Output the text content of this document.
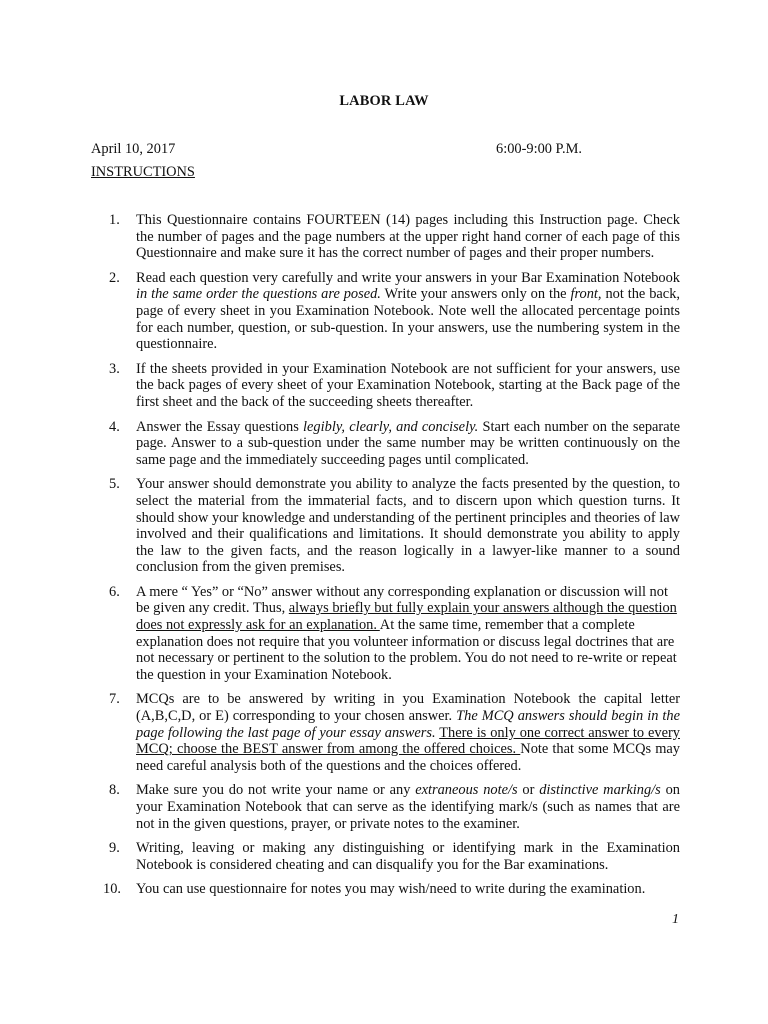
LABOR LAW
April 10, 2017	6:00-9:00 P.M.
INSTRUCTIONS
1.	This Questionnaire contains FOURTEEN (14) pages including this Instruction page. Check the number of pages and the page numbers at the upper right hand corner of each page of this Questionnaire and make sure it has the correct number of pages and their proper numbers.
2.	Read each question very carefully and write your answers in your Bar Examination Notebook in the same order the questions are posed. Write your answers only on the front, not the back, page of every sheet in you Examination Notebook. Note well the allocated percentage points for each number, question, or sub-question. In your answers, use the numbering system in the questionnaire.
3.	If the sheets provided in your Examination Notebook are not sufficient for your answers, use the back pages of every sheet of your Examination Notebook, starting at the Back page of the first sheet and the back of the succeeding sheets thereafter.
4.	Answer the Essay questions legibly, clearly, and concisely. Start each number on the separate page. Answer to a sub-question under the same number may be written continuously on the same page and the immediately succeeding pages until complicated.
5.	Your answer should demonstrate you ability to analyze the facts presented by the question, to select the material from the immaterial facts, and to discern upon which question turns. It should show your knowledge and understanding of the pertinent principles and theories of law involved and their qualifications and limitations. It should demonstrate you ability to apply the law to the given facts, and the reason logically in a lawyer-like manner to a sound conclusion from the given premises.
6.	A mere “ Yes” or “No” answer without any corresponding explanation or discussion will not be given any credit. Thus, always briefly but fully explain your answers although the question does not expressly ask for an explanation. At the same time, remember that a complete explanation does not require that you volunteer information or discuss legal doctrines that are not necessary or pertinent to the solution to the problem. You do not need to re-write or repeat the question in your Examination Notebook.
7.	MCQs are to be answered by writing in you Examination Notebook the capital letter (A,B,C,D, or E) corresponding to your chosen answer. The MCQ answers should begin in the page following the last page of your essay answers. There is only one correct answer to every MCQ; choose the BEST answer from among the offered choices. Note that some MCQs may need careful analysis both of the questions and the choices offered.
8.	Make sure you do not write your name or any extraneous note/s or distinctive marking/s on your Examination Notebook that can serve as the identifying mark/s (such as names that are not in the given questions, prayer, or private notes to the examiner.
9.	Writing, leaving or making any distinguishing or identifying mark in the Examination Notebook is considered cheating and can disqualify you for the Bar examinations.
10.	You can use questionnaire for notes you may wish/need to write during the examination.
1
